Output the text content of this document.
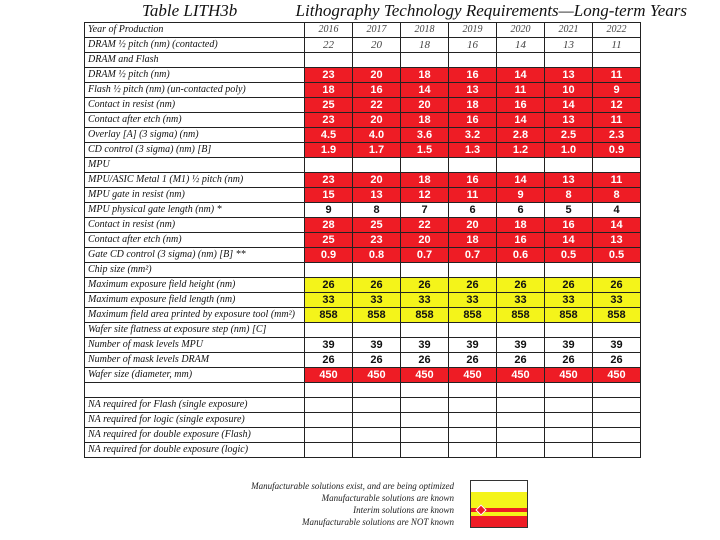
Table LITH3b	Lithography Technology Requirements—Long-term Years
Year of Production	2016	2017	2018	2019	2020	2021	2022
DRAM ½ pitch (nm) (contacted)	22	20	18	16	14	13	11
DRAM and Flash							
DRAM ½ pitch (nm)	23	20	18	16	14	13	11
Flash ½ pitch (nm) (un-contacted poly)	18	16	14	13	11	10	9
Contact in resist (nm)	25	22	20	18	16	14	12
Contact after etch (nm)	23	20	18	16	14	13	11
Overlay [A] (3 sigma) (nm)	4.5	4.0	3.6	3.2	2.8	2.5	2.3
CD control (3 sigma) (nm) [B]	1.9	1.7	1.5	1.3	1.2	1.0	0.9
MPU							
MPU/ASIC Metal 1 (M1) ½ pitch (nm)	23	20	18	16	14	13	11
MPU gate in resist (nm)	15	13	12	11	9	8	8
MPU physical gate length (nm) *	9	8	7	6	6	5	4
Contact in resist (nm)	28	25	22	20	18	16	14
Contact after etch (nm)	25	23	20	18	16	14	13
Gate CD control (3 sigma) (nm) [B] **	0.9	0.8	0.7	0.7	0.6	0.5	0.5
Chip size (mm²)							
Maximum exposure field height (nm)	26	26	26	26	26	26	26
Maximum exposure field length (nm)	33	33	33	33	33	33	33
Maximum field area printed by exposure tool (mm²)	858	858	858	858	858	858	858
Wafer site flatness at exposure step (nm) [C]							
Number of mask levels MPU	39	39	39	39	39	39	39
Number of mask levels DRAM	26	26	26	26	26	26	26
Wafer size (diameter, mm)	450	450	450	450	450	450	450

NA required for Flash (single exposure)							
NA required for logic (single exposure)							
NA required for double exposure (Flash)							
NA required for double exposure (logic)							
Manufacturable solutions exist, and are being optimized
Manufacturable solutions are known
Interim solutions are known
Manufacturable solutions are NOT known
